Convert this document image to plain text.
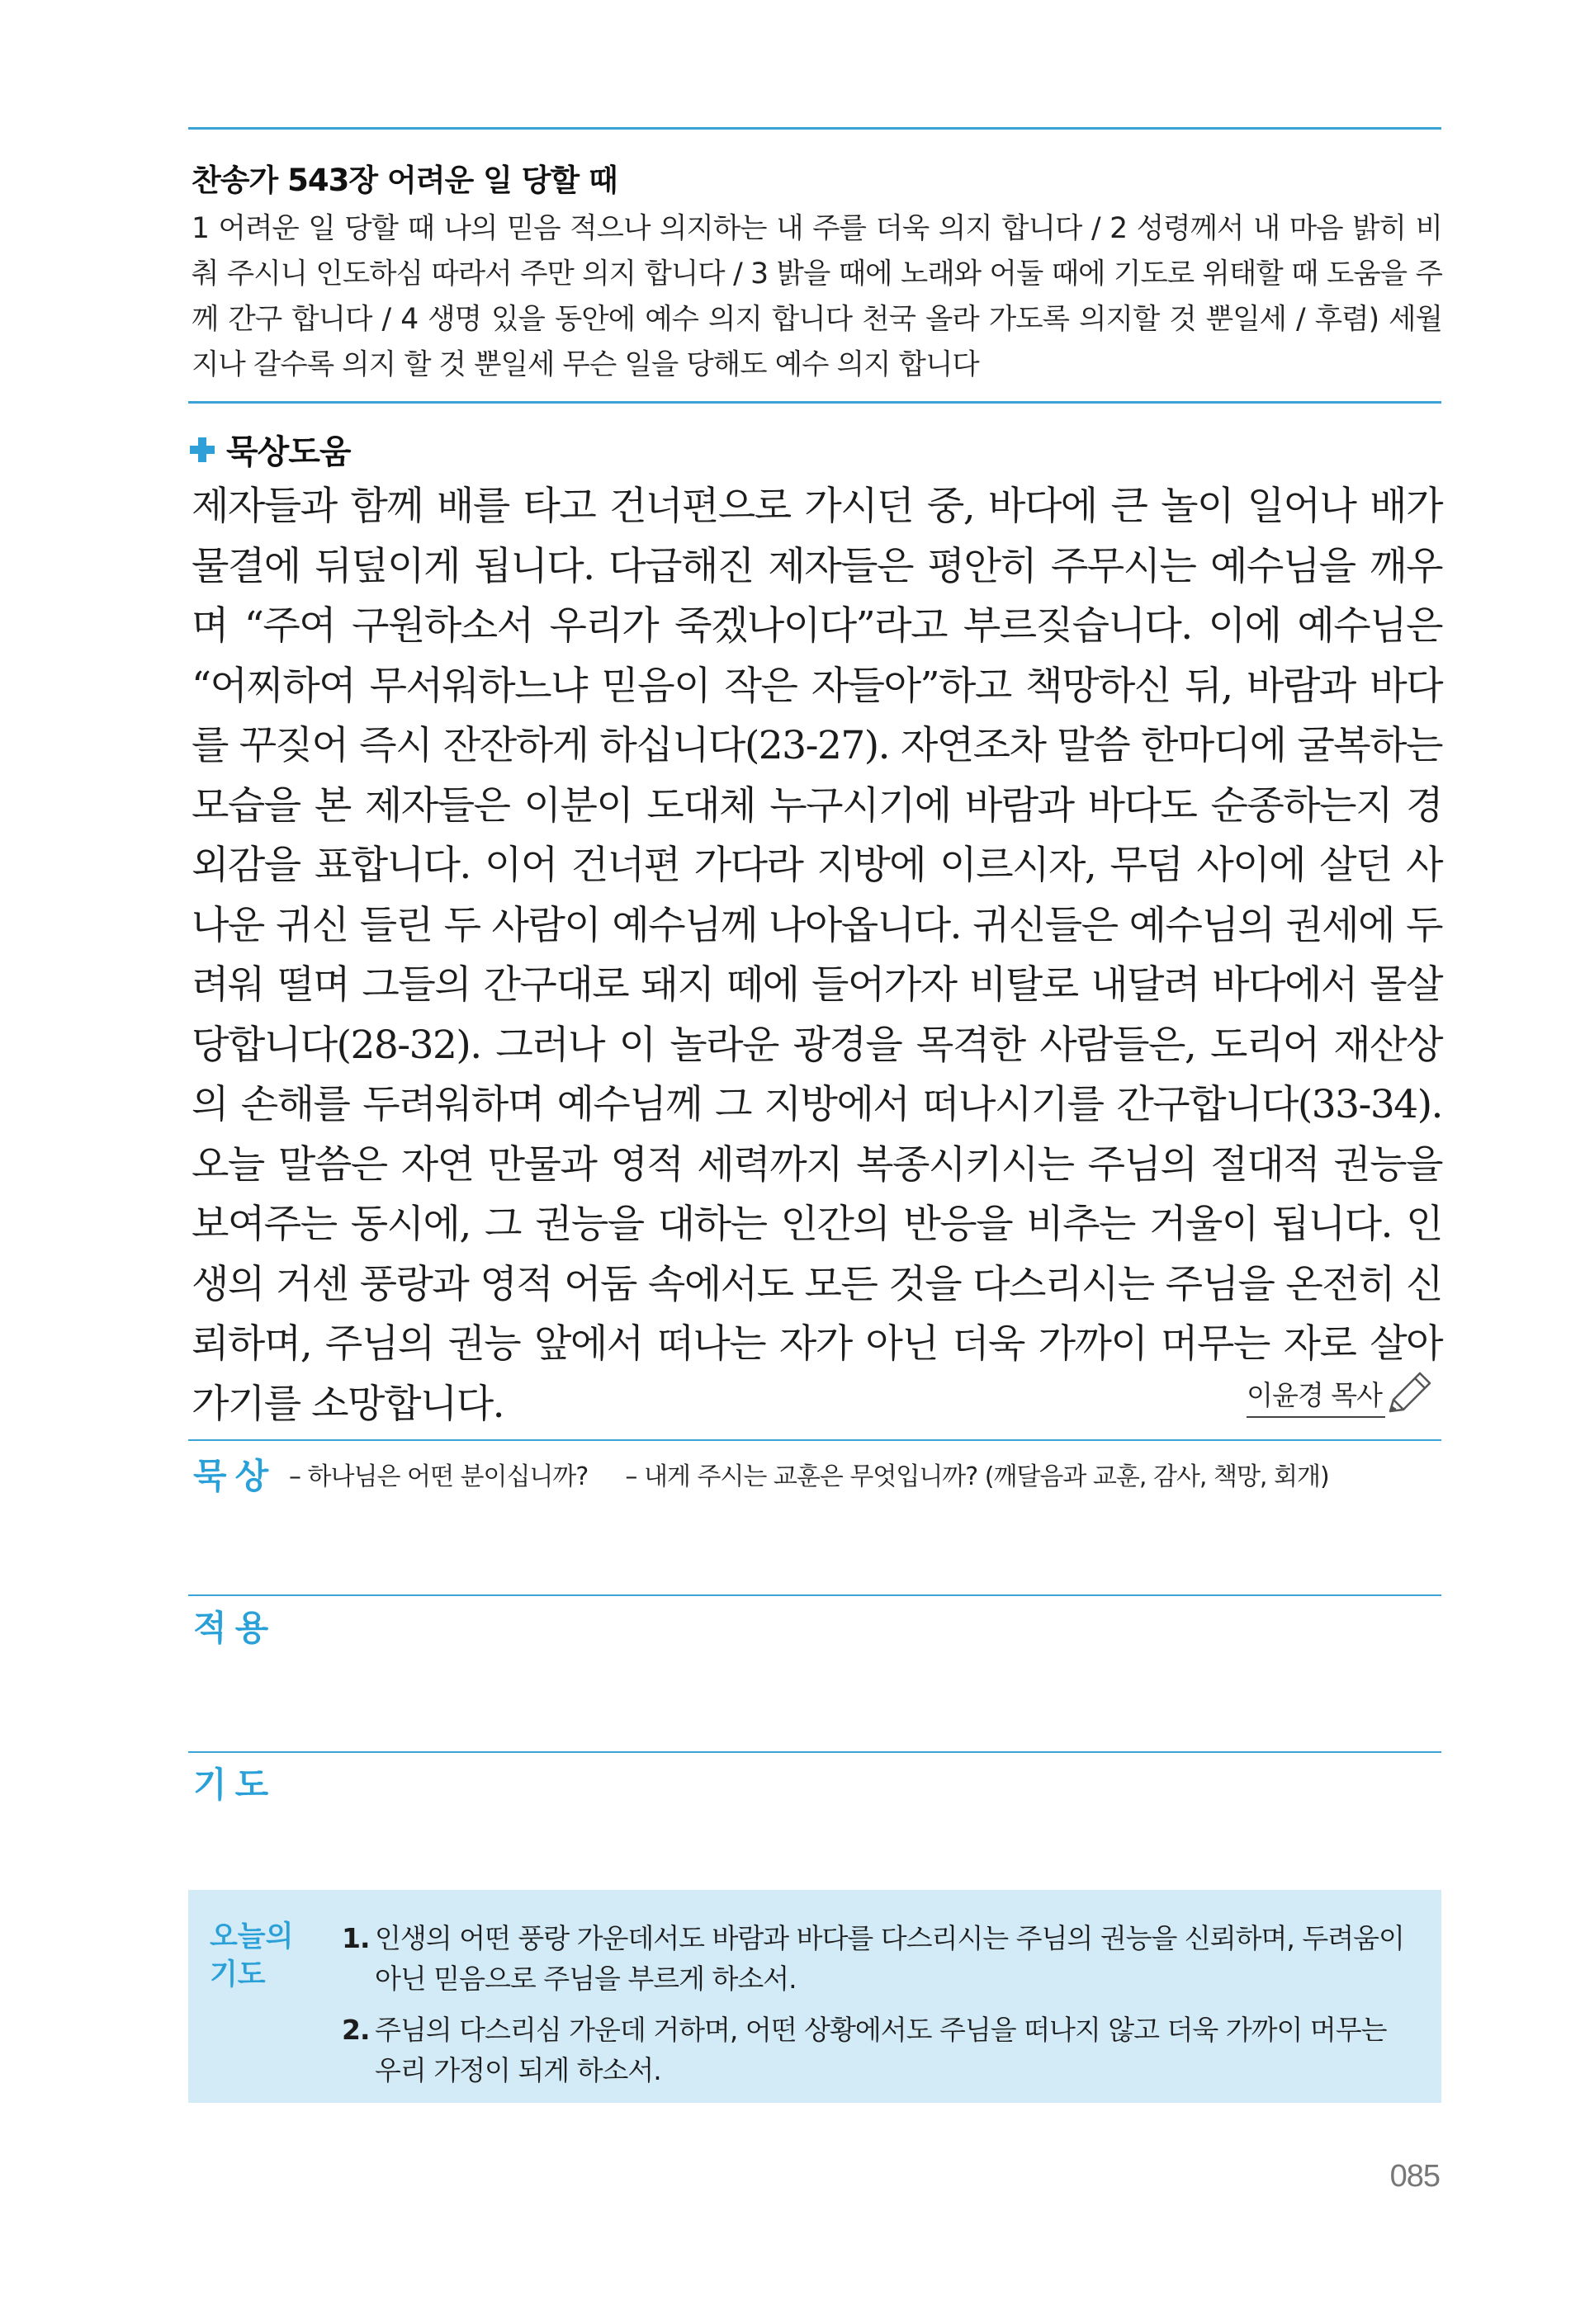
찬송가 543장 어려운 일 당할 때
1 어려운 일 당할 때 나의 믿음 적으나 의지하는 내 주를 더욱 의지 합니다 / 2 성령께서 내 마음 밝히 비춰 주시니 인도하심 따라서 주만 의지 합니다 / 3 밝을 때에 노래와 어둘 때에 기도로 위태할 때 도움을 주께 간구 합니다 / 4 생명 있을 동안에 예수 의지 합니다 천국 올라 가도록 의지할 것 뿐일세 / 후렴) 세월 지나 갈수록 의지 할 것 뿐일세 무슨 일을 당해도 예수 의지 합니다
묵상도움
제자들과 함께 배를 타고 건너편으로 가시던 중, 바다에 큰 놀이 일어나 배가 물결에 뒤덮이게 됩니다. 다급해진 제자들은 평안히 주무시는 예수님을 깨우며 “주여 구원하소서 우리가 죽겠나이다”라고 부르짖습니다. 이에 예수님은 “어찌하여 무서워하느냐 믿음이 작은 자들아”하고 책망하신 뒤, 바람과 바다를 꾸짖어 즉시 잔잔하게 하십니다(23-27). 자연조차 말씀 한마디에 굴복하는 모습을 본 제자들은 이분이 도대체 누구시기에 바람과 바다도 순종하는지 경외감을 표합니다. 이어 건너편 가다라 지방에 이르시자, 무덤 사이에 살던 사나운 귀신 들린 두 사람이 예수님께 나아옵니다. 귀신들은 예수님의 권세에 두려워 떨며 그들의 간구대로 돼지 떼에 들어가자 비탈로 내달려 바다에서 몰살당합니다(28-32). 그러나 이 놀라운 광경을 목격한 사람들은, 도리어 재산상의 손해를 두려워하며 예수님께 그 지방에서 떠나시기를 간구합니다(33-34). 오늘 말씀은 자연 만물과 영적 세력까지 복종시키시는 주님의 절대적 권능을 보여주는 동시에, 그 권능을 대하는 인간의 반응을 비추는 거울이 됩니다. 인생의 거센 풍랑과 영적 어둠 속에서도 모든 것을 다스리시는 주님을 온전히 신뢰하며, 주님의 권능 앞에서 떠나는 자가 아닌 더욱 가까이 머무는 자로 살아가기를 소망합니다.	이윤경 목사
묵상 – 하나님은 어떤 분이십니까? – 내게 주시는 교훈은 무엇입니까? (깨달음과 교훈, 감사, 책망, 회개)
적용
기도
오늘의
기도
1. 인생의 어떤 풍랑 가운데서도 바람과 바다를 다스리시는 주님의 권능을 신뢰하며, 두려움이 아닌 믿음으로 주님을 부르게 하소서.
2. 주님의 다스리심 가운데 거하며, 어떤 상황에서도 주님을 떠나지 않고 더욱 가까이 머무는 우리 가정이 되게 하소서.
085
